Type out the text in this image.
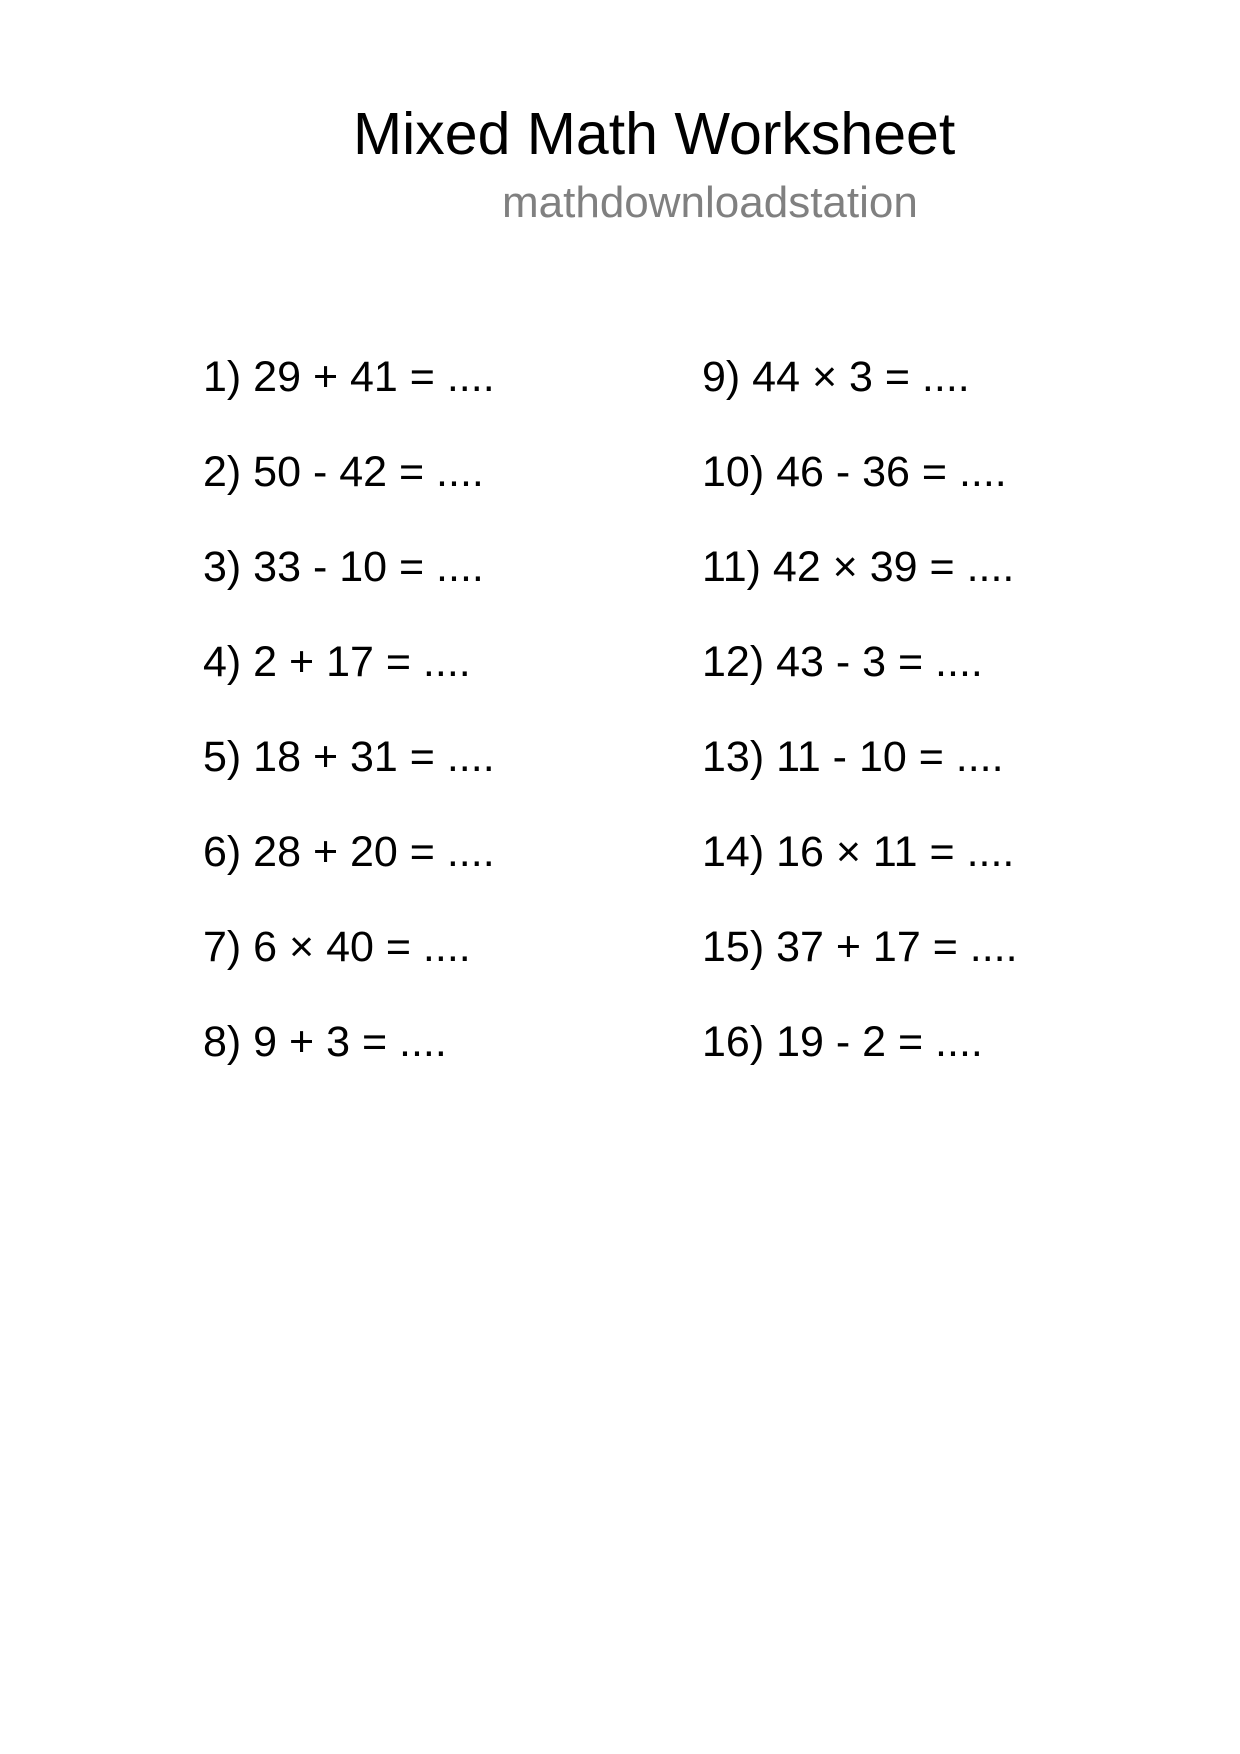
Mixed Math Worksheet
mathdownloadstation
1) 29 + 41 = ....
2) 50 - 42 = ....
3) 33 - 10 = ....
4) 2 + 17 = ....
5) 18 + 31 = ....
6) 28 + 20 = ....
7) 6 × 40 = ....
8) 9 + 3 = ....
9) 44 × 3 = ....
10) 46 - 36 = ....
11) 42 × 39 = ....
12) 43 - 3 = ....
13) 11 - 10 = ....
14) 16 × 11 = ....
15) 37 + 17 = ....
16) 19 - 2 = ....
